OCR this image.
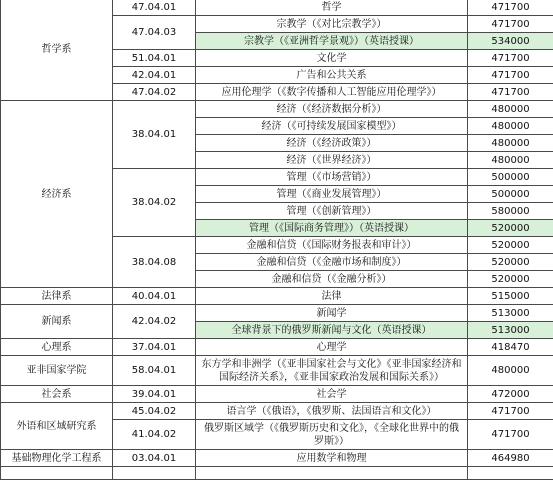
哲学系	47.04.01	哲学	471700
	47.04.03	宗教学（《对比宗教学》）	471700
		宗教学（《亚洲哲学景观》）（英语授课）	534000
	51.04.01	文化学	471700
	42.04.01	广告和公共关系	471700
	47.04.02	应用伦理学（《数字传播和人工智能应用伦理学》）	471700
经济系	38.04.01	经济（《经济数据分析》）	480000
		经济（《可持续发展国家模型》）	480000
		经济（《经济政策》）	480000
		经济（《世界经济》）	480000
	38.04.02	管理（《市场营销》）	500000
		管理（《商业发展管理》）	500000
		管理（《创新管理》）	580000
		管理（《国际商务管理》）（英语授课）	520000
	38.04.08	金融和信贷（《国际财务报表和审计》）	520000
		金融和信贷（《金融市场和制度》）	520000
		金融和信贷（《金融分析》）	520000
法律系	40.04.01	法律	515000
新闻系	42.04.02	新闻学	513000
		全球背景下的俄罗斯新闻与文化（英语授课）	513000
心理系	37.04.01	心理学	418470
亚非国家学院	58.04.01	东方学和非洲学（《亚非国家社会与文化》《亚非国家经济和国际经济关系》，《亚非国家政治发展和国际关系》）	480000
社会系	39.04.01	社会学	472000
外语和区域研究系	45.04.02	语言学（《俄语》，《俄罗斯、法国语言和文化》）	471700
	41.04.02	俄罗斯区域学（《俄罗斯历史和文化》，《全球化世界中的俄罗斯》）	471700
基础物理化学工程系	03.04.01	应用数学和物理	464980
